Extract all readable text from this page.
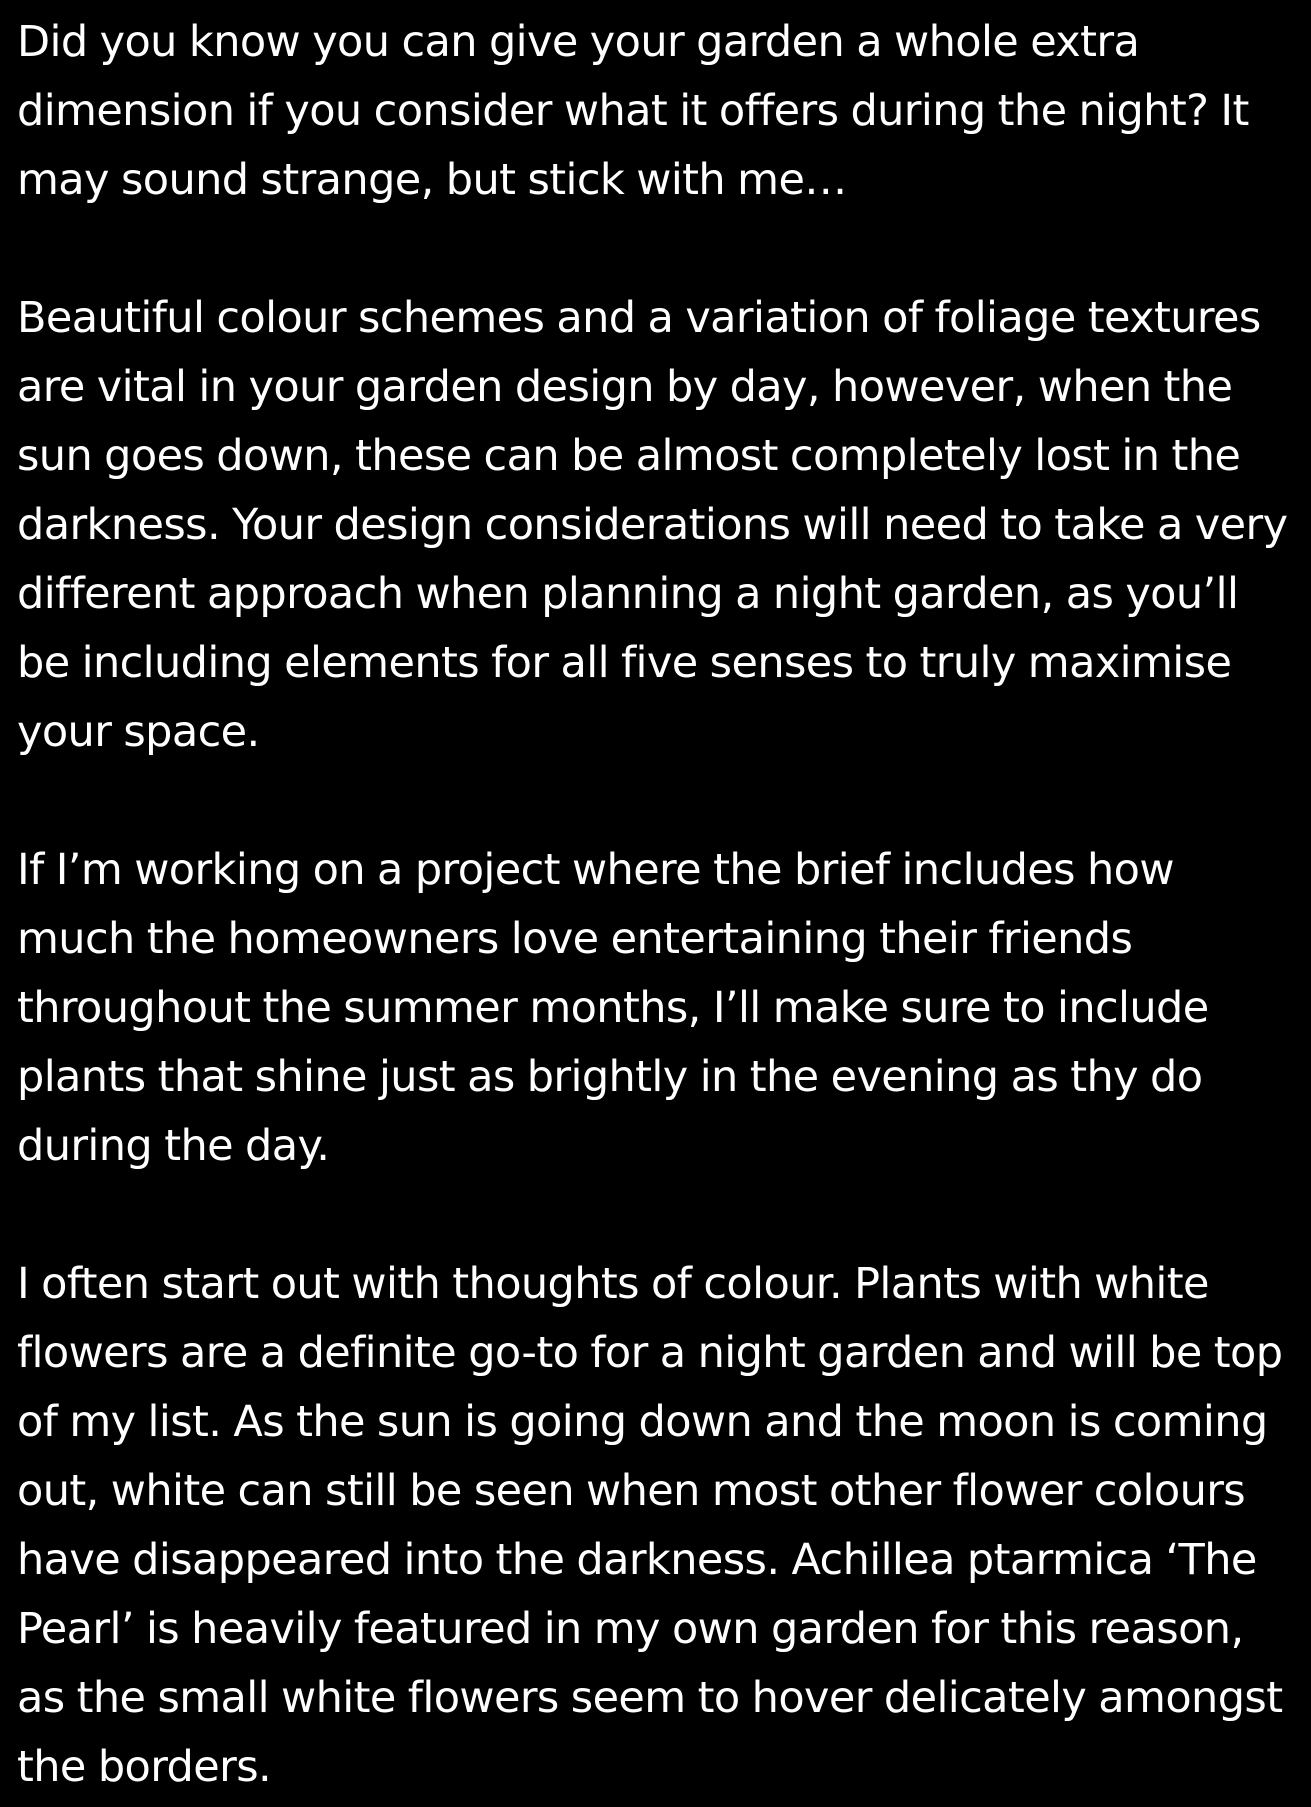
Did you know you can give your garden a whole extra dimension if you consider what it offers during the night? It may sound strange, but stick with me…

Beautiful colour schemes and a variation of foliage textures are vital in your garden design by day, however, when the sun goes down, these can be almost completely lost in the darkness. Your design considerations will need to take a very different approach when planning a night garden, as you’ll be including elements for all five senses to truly maximise your space.

If I’m working on a project where the brief includes how much the homeowners love entertaining their friends throughout the summer months, I’ll make sure to include plants that shine just as brightly in the evening as thy do during the day.

I often start out with thoughts of colour. Plants with white flowers are a definite go-to for a night garden and will be top of my list. As the sun is going down and the moon is coming out, white can still be seen when most other flower colours have disappeared into the darkness. Achillea ptarmica ‘The Pearl’ is heavily featured in my own garden for this reason, as the small white flowers seem to hover delicately amongst the borders.
